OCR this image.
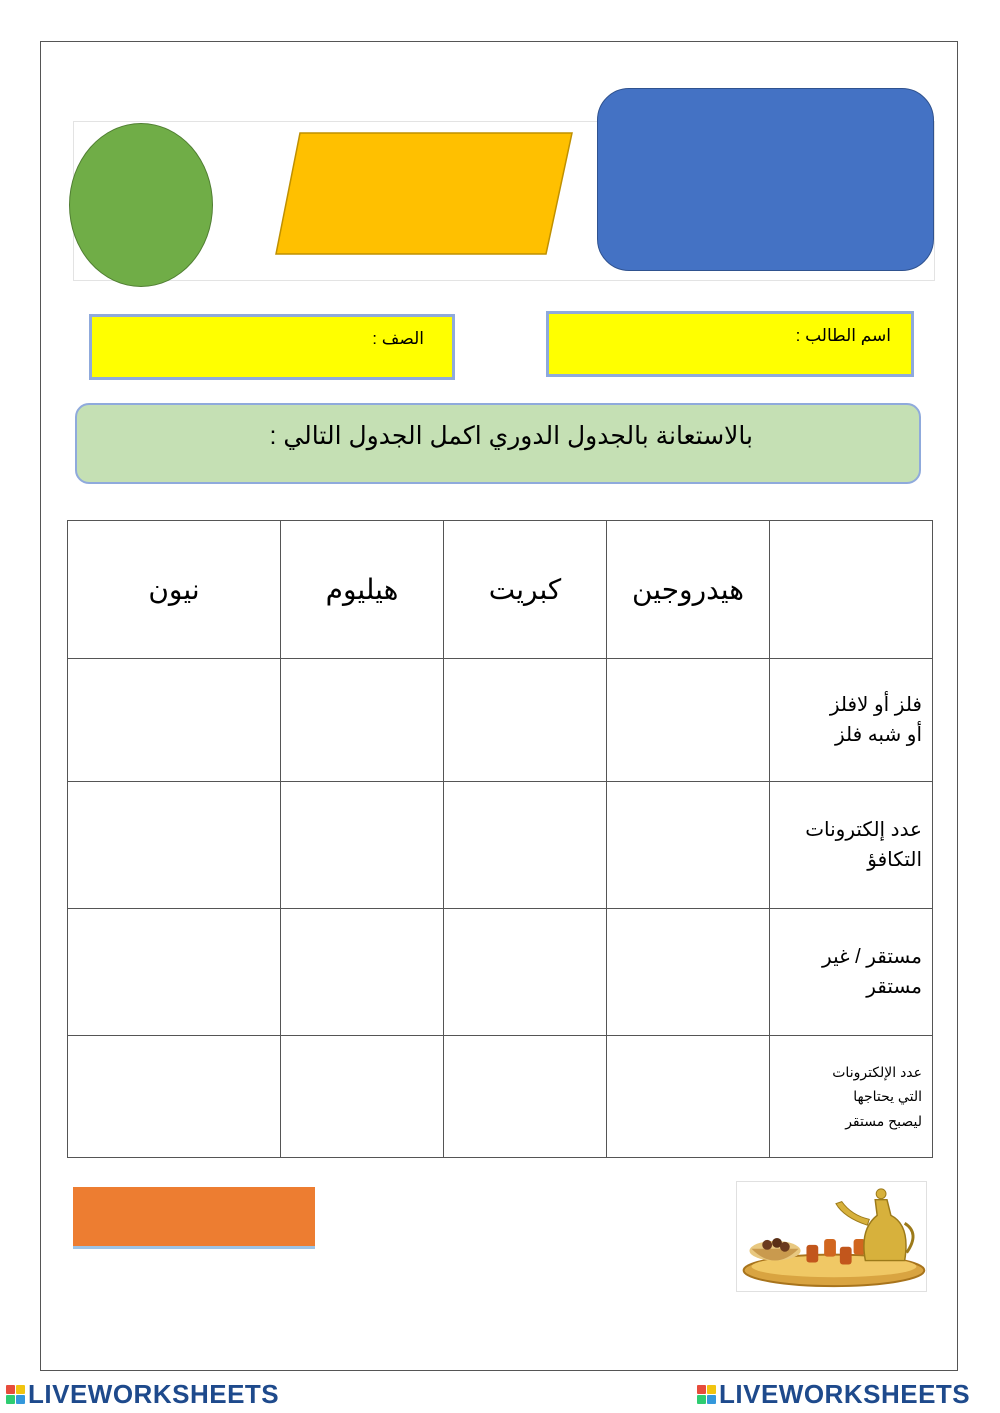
الصف :	اسم الطالب :
بالاستعانة بالجدول الدوري اكمل الجدول التالي :
	هيدروجين	كبريت	هيليوم	نيون

فلز أو لافلز
أو شبه فلز				

عدد إلكترونات
التكافؤ				

مستقر / غير
مستقر				

عدد الإلكترونات
التي يحتاجها
ليصبح مستقر				

LIVEWORKSHEETS	LIVEWORKSHEETS
